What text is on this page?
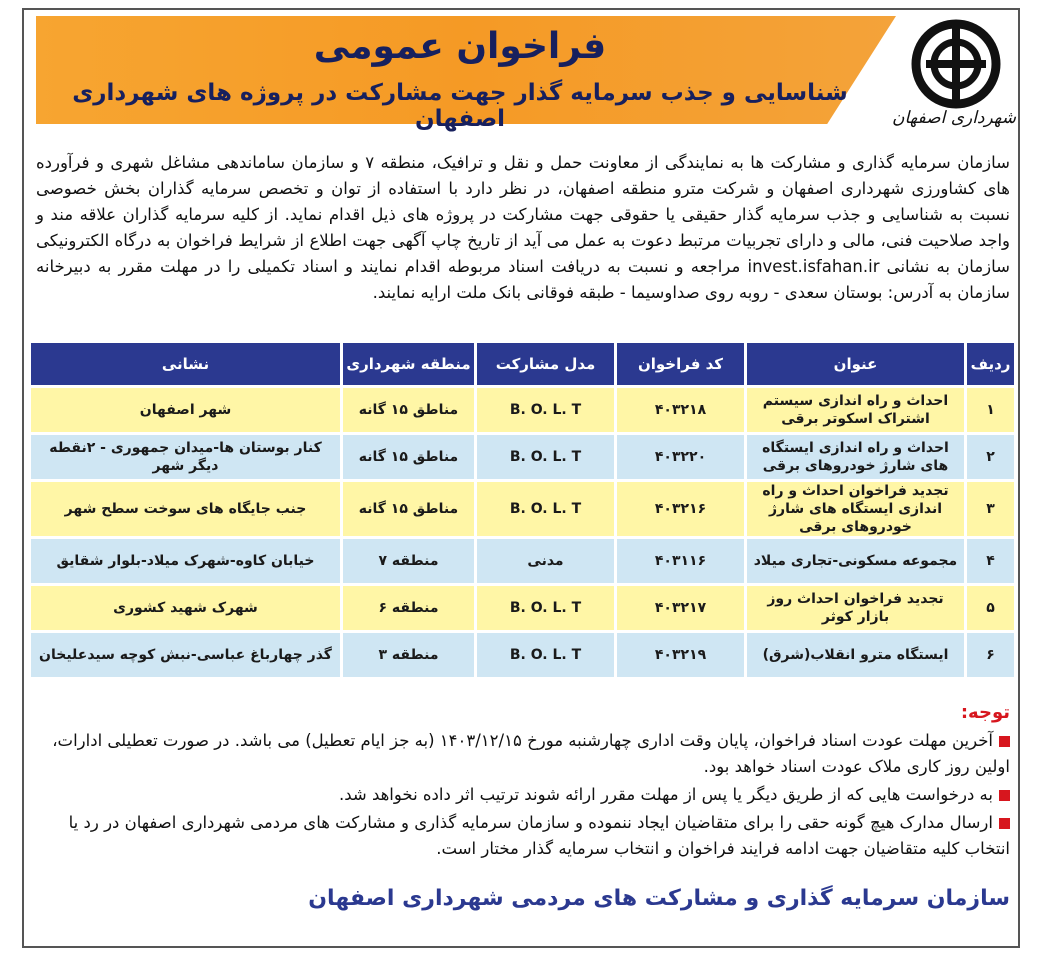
فراخوان عمومی
شناسایی و جذب سرمایه گذار جهت مشارکت در پروژه های شهرداری اصفهان	شهرداری اصفهان
سازمان سرمایه گذاری و مشارکت ها به نمایندگی از معاونت حمل و نقل و ترافیک، منطقه ۷ و سازمان ساماندهی مشاغل شهری و فرآورده های کشاورزی شهرداری اصفهان و شرکت مترو منطقه اصفهان، در نظر دارد با استفاده از توان و تخصص سرمایه گذاران بخش خصوصی نسبت به شناسایی و جذب سرمایه گذار حقیقی یا حقوقی جهت مشارکت در پروژه های ذیل اقدام نماید. از کلیه سرمایه گذاران علاقه مند و واجد صلاحیت فنی، مالی و دارای تجربیات مرتبط دعوت به عمل می آید از تاریخ چاپ آگهی جهت اطلاع از شرایط فراخوان به درگاه الکترونیکی سازمان به نشانی invest.isfahan.ir مراجعه و نسبت به دریافت اسناد مربوطه اقدام نمایند و اسناد تکمیلی را در مهلت مقرر به دبیرخانه سازمان به آدرس: بوستان سعدی - روبه روی صداوسیما - طبقه فوقانی بانک ملت ارایه نمایند.
ردیف	عنوان	کد فراخوان	مدل مشارکت	منطقه شهرداری	نشانی
۱	احداث و راه اندازی سیستم اشتراک اسکوتر برقی	۴۰۳۲۱۸	B. O. L. T	مناطق ۱۵ گانه	شهر اصفهان
۲	احداث و راه اندازی ایستگاه های شارژ خودروهای برقی	۴۰۳۲۲۰	B. O. L. T	مناطق ۱۵ گانه	کنار بوستان ها-میدان جمهوری - ۲نقطه دیگر شهر
۳	تجدید فراخوان احداث و راه اندازی ایستگاه های شارژ خودروهای برقی	۴۰۳۲۱۶	B. O. L. T	مناطق ۱۵ گانه	جنب جایگاه های سوخت سطح شهر
۴	مجموعه مسکونی-تجاری میلاد	۴۰۳۱۱۶	مدنی	منطقه ۷	خیابان کاوه-شهرک میلاد-بلوار شقایق
۵	تجدید فراخوان احداث روز بازار کوثر	۴۰۳۲۱۷	B. O. L. T	منطقه ۶	شهرک شهید کشوری
۶	ایستگاه مترو انقلاب(شرق)	۴۰۳۲۱۹	B. O. L. T	منطقه ۳	گذر چهارباغ عباسی-نبش کوچه سیدعلیخان
توجه:
آخرین مهلت عودت اسناد فراخوان، پایان وقت اداری چهارشنبه مورخ ۱۴۰۳/۱۲/۱۵ (به جز ایام تعطیل) می باشد. در صورت تعطیلی ادارات، اولین روز کاری ملاک عودت اسناد خواهد بود.
به درخواست هایی که از طریق دیگر یا پس از مهلت مقرر ارائه شوند ترتیب اثر داده نخواهد شد.
ارسال مدارک هیچ گونه حقی را برای متقاضیان ایجاد ننموده و سازمان سرمایه گذاری و مشارکت های مردمی شهرداری اصفهان در رد یا انتخاب کلیه متقاضیان جهت ادامه فرایند فراخوان و انتخاب سرمایه گذار مختار است.
سازمان سرمایه گذاری و مشارکت های مردمی شهرداری اصفهان
